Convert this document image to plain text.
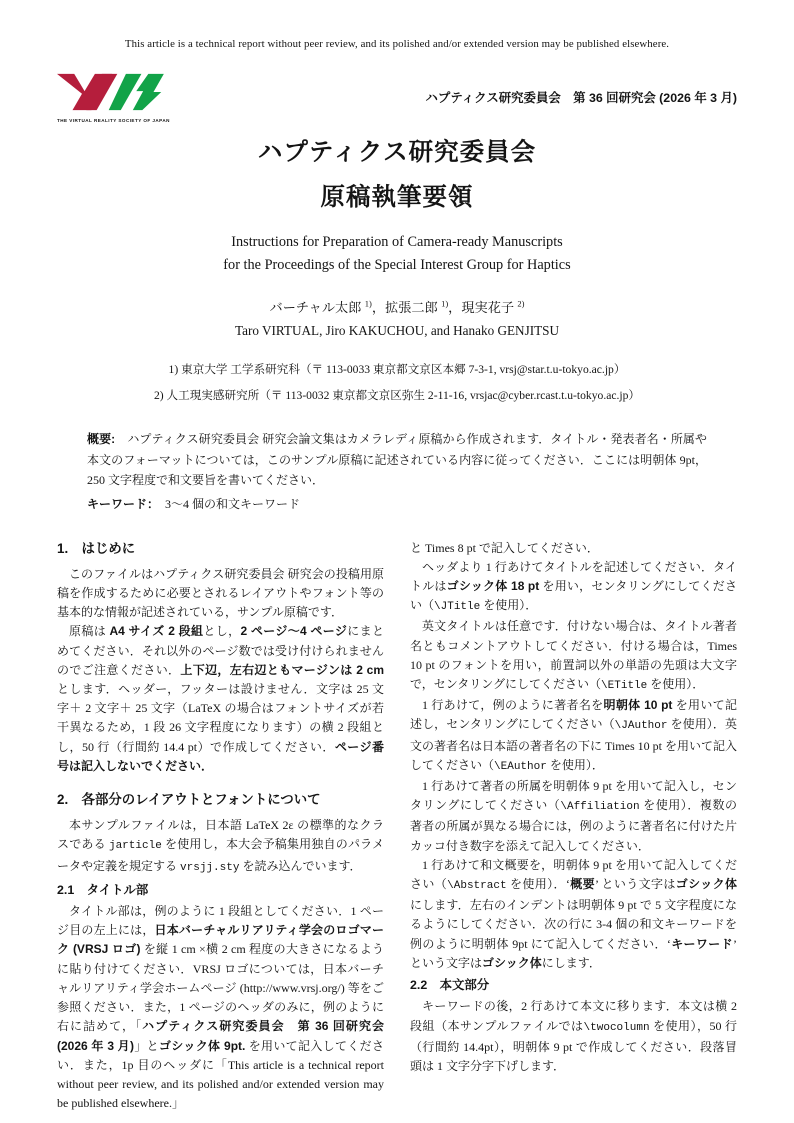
This article is a technical report without peer review, and its polished and/or extended version may be published elsewhere.
THE VIRTUAL REALITY SOCIETY OF JAPAN
ハプティクス研究委員会　第 36 回研究会 (2026 年 3 月)
ハプティクス研究委員会
原稿執筆要領
Instructions for Preparation of Camera-ready Manuscripts
for the Proceedings of the Special Interest Group for Haptics
バーチャル太郎 $^{1)}$，拡張二郎 $^{1)}$，現実花子 $^{2)}$
Taro VIRTUAL, Jiro KAKUCHOU, and Hanako GENJITSU
1) 東京大学 工学系研究科（〒 113-0033 東京都文京区本郷 7-3-1, vrsj@star.t.u-tokyo.ac.jp）
2) 人工現実感研究所（〒 113-0032 東京都文京区弥生 2-11-16, vrsjac@cyber.rcast.t.u-tokyo.ac.jp）
概要:　ハプティクス研究委員会 研究会論文集はカメラレディ原稿から作成されます．タイトル・発表者名・所属や本文のフォーマットについては，このサンプル原稿に記述されている内容に従ってください．ここには明朝体 9pt，250 文字程度で和文要旨を書いてください．
キーワード：　3〜4 個の和文キーワード
1.　はじめに
このファイルはハプティクス研究委員会 研究会の投稿用原稿を作成するために必要とされるレイアウトやフォント等の基本的な情報が記述されている，サンプル原稿です．
原稿は A4 サイズ 2 段組とし，2 ページ〜4 ページにまとめてください．それ以外のページ数では受け付けられませんのでご注意ください．上下辺，左右辺ともマージンは 2 cm とします．ヘッダー，フッターは設けません．文字は 25 文字＋ 2 文字＋ 25 文字（LaTeX の場合はフォントサイズが若干異なるため，1 段 26 文字程度になります）の横 2 段組とし，50 行（行間約 14.4 pt）で作成してください．ページ番号は記入しないでください．
2.　各部分のレイアウトとフォントについて
本サンプルファイルは，日本語 LaTeX 2ε の標準的なクラスである jarticle を使用し，本大会予稿集用独自のパラメータや定義を規定する vrsjj.sty を読み込んでいます．
2.1　タイトル部
タイトル部は，例のように 1 段組としてください．1 ページ目の左上には，日本バーチャルリアリティ学会のロゴマーク (VRSJ ロゴ) を縦 1 cm ×横 2 cm 程度の大きさになるように貼り付けてください．VRSJ ロゴについては，日本バーチャルリアリティ学会ホームページ (http://www.vrsj.org/) 等をご参照ください．また，1 ページのヘッダのみに，例のように右に詰めて，「ハプティクス研究委員会　第 36 回研究会 (2026 年 3 月)」とゴシック体 9pt. を用いて記入してください．また，1p 目のヘッダに「This article is a technical report without peer review, and its polished and/or extended version may be published elsewhere.」
と Times 8 pt で記入してください．
ヘッダより 1 行あけてタイトルを記述してください．タイトルはゴシック体 18 pt を用い，センタリングにしてください（\JTitle を使用）．
英文タイトルは任意です．付けない場合は、タイトル著者名ともコメントアウトしてください．付ける場合は，Times 10 pt のフォントを用い，前置詞以外の単語の先頭は大文字で，センタリングにしてください（\ETitle を使用）．
1 行あけて，例のように著者名を明朝体 10 pt を用いて記述し，センタリングにしてください（\JAuthor を使用）．英文の著者名は日本語の著者名の下に Times 10 pt を用いて記入してください（\EAuthor を使用）．
1 行あけて著者の所属を明朝体 9 pt を用いて記入し，センタリングにしてください（\Affiliation を使用）．複数の著者の所属が異なる場合には，例のように著者名に付けた片カッコ付き数字を添えて記入してください．
1 行あけて和文概要を，明朝体 9 pt を用いて記入してください（\Abstract を使用）．‘概要’ という文字はゴシック体にします．左右のインデントは明朝体 9 pt で 5 文字程度になるようにしてください．次の行に 3-4 個の和文キーワードを例のように明朝体 9pt にて記入してください．‘キーワード’ という文字はゴシック体にします．
2.2　本文部分
キーワードの後，2 行あけて本文に移ります．本文は横 2 段組（本サンプルファイルでは\twocolumn を使用），50 行（行間約 14.4pt），明朝体 9 pt で作成してください．段落冒頭は 1 文字分字下げします．
